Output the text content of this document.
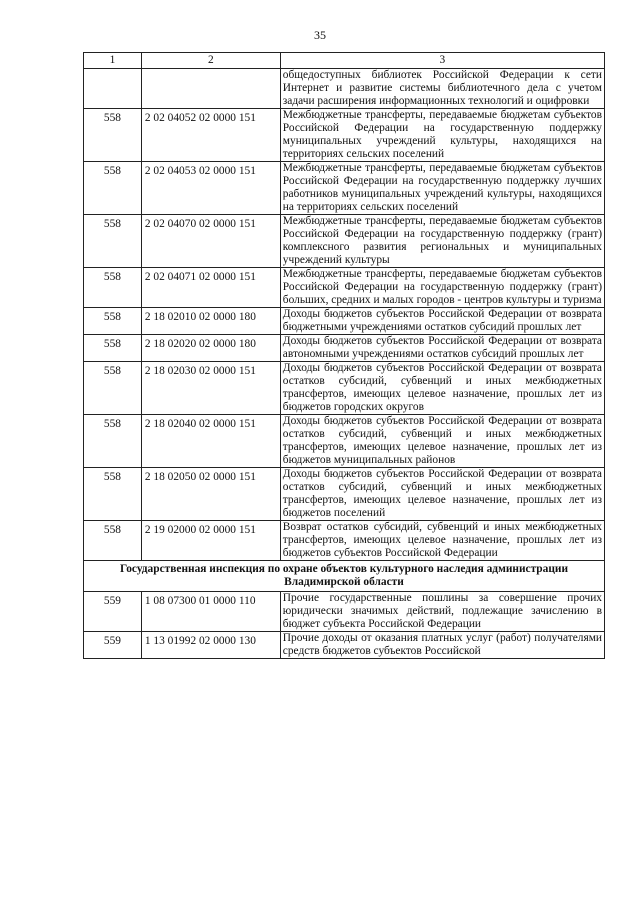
35
1	2	3
		общедоступных библиотек Российской Федерации к сети Интернет и развитие системы библиотечного дела с учетом задачи расширения информационных технологий и оцифровки
558	2 02 04052 02 0000 151	Межбюджетные трансферты, передаваемые бюджетам субъектов Российской Федерации на государственную поддержку муниципальных учреждений культуры, находящихся на территориях сельских поселений
558	2 02 04053 02 0000 151	Межбюджетные трансферты, передаваемые бюджетам субъектов Российской Федерации на государственную поддержку лучших работников муниципальных учреждений культуры, находящихся на территориях сельских поселений
558	2 02 04070 02 0000 151	Межбюджетные трансферты, передаваемые бюджетам субъектов Российской Федерации на государственную поддержку (грант) комплексного развития региональных и муниципальных учреждений культуры
558	2 02 04071 02 0000 151	Межбюджетные трансферты, передаваемые бюджетам субъектов Российской Федерации на государственную поддержку (грант) больших, средних и малых городов - центров культуры и туризма
558	2 18 02010 02 0000 180	Доходы бюджетов субъектов Российской Федерации от возврата бюджетными учреждениями остатков субсидий прошлых лет
558	2 18 02020 02 0000 180	Доходы бюджетов субъектов Российской Федерации от возврата автономными учреждениями остатков субсидий прошлых лет
558	2 18 02030 02 0000 151	Доходы бюджетов субъектов Российской Федерации от возврата остатков субсидий, субвенций и иных межбюджетных трансфертов, имеющих целевое назначение, прошлых лет из бюджетов городских округов
558	2 18 02040 02 0000 151	Доходы бюджетов субъектов Российской Федерации от возврата остатков субсидий, субвенций и иных межбюджетных трансфертов, имеющих целевое назначение, прошлых лет из бюджетов муниципальных районов
558	2 18 02050 02 0000 151	Доходы бюджетов субъектов Российской Федерации от возврата остатков субсидий, субвенций и иных межбюджетных трансфертов, имеющих целевое назначение, прошлых лет из бюджетов поселений
558	2 19 02000 02 0000 151	Возврат остатков субсидий, субвенций и иных межбюджетных трансфертов, имеющих целевое назначение, прошлых лет из бюджетов субъектов Российской Федерации
Государственная инспекция по охране объектов культурного наследия администрации Владимирской области		
559	1 08 07300 01 0000 110	Прочие государственные пошлины за совершение прочих юридически значимых действий, подлежащие зачислению в бюджет субъекта Российской Федерации
559	1 13 01992 02 0000 130	Прочие доходы от оказания платных услуг (работ) получателями средств бюджетов субъектов Российской
